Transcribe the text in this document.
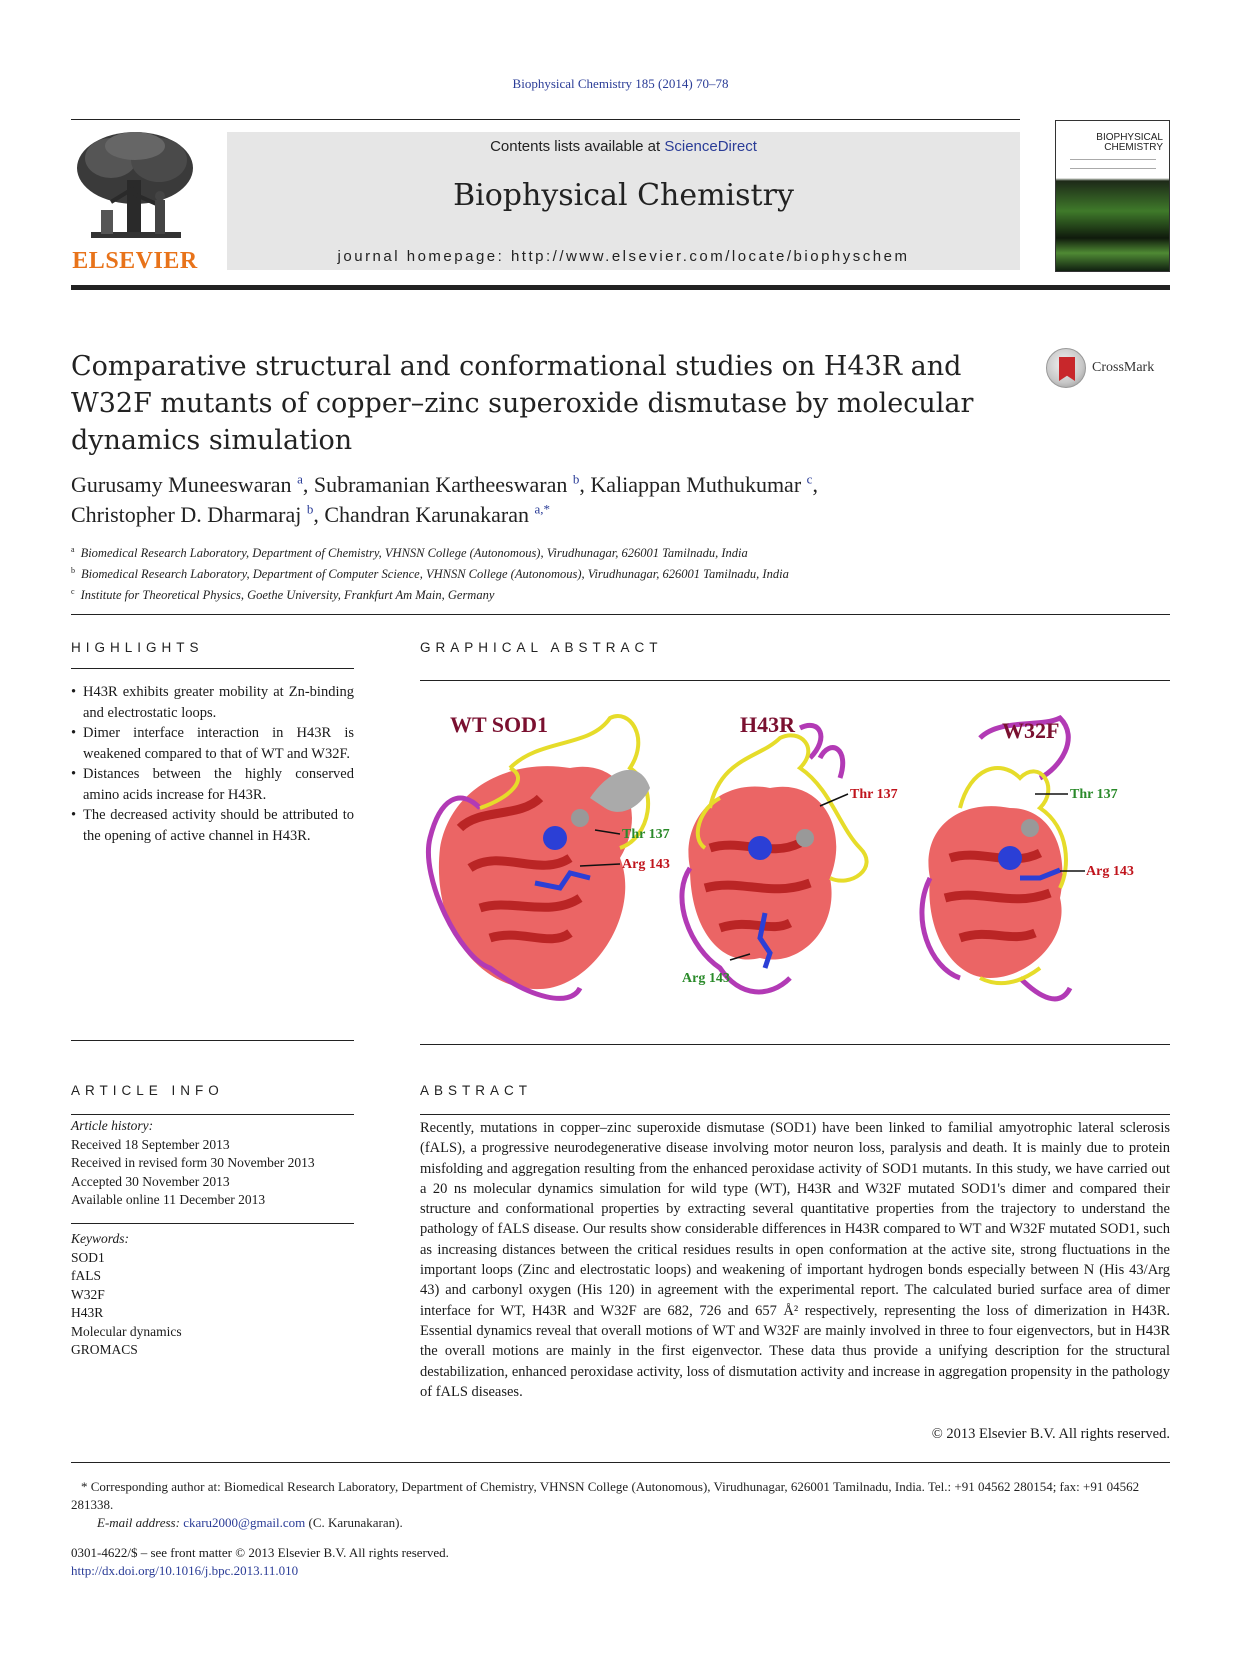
Biophysical Chemistry 185 (2014) 70–78
ELSEVIER
Contents lists available at ScienceDirect
Biophysical Chemistry
journal homepage: http://www.elsevier.com/locate/biophyschem
BIOPHYSICAL
CHEMISTRY
Comparative structural and conformational studies on H43R and W32F mutants of copper–zinc superoxide dismutase by molecular dynamics simulation
CrossMark
Gurusamy Muneeswaran $^a$, Subramanian Kartheeswaran $^b$, Kaliappan Muthukumar $^c$,
Christopher D. Dharmaraj $^b$, Chandran Karunakaran $^{a,*}$
$^a$ Biomedical Research Laboratory, Department of Chemistry, VHNSN College (Autonomous), Virudhunagar, 626001 Tamilnadu, India
$^b$ Biomedical Research Laboratory, Department of Computer Science, VHNSN College (Autonomous), Virudhunagar, 626001 Tamilnadu, India
$^c$ Institute for Theoretical Physics, Goethe University, Frankfurt Am Main, Germany
HIGHLIGHTS
• H43R exhibits greater mobility at Zn-binding and electrostatic loops.
• Dimer interface interaction in H43R is weakened compared to that of WT and W32F.
• Distances between the highly conserved amino acids increase for H43R.
• The decreased activity should be attributed to the opening of active channel in H43R.
GRAPHICAL ABSTRACT
WT SOD1
Thr 137
Arg 143
H43R
Thr 137
Arg 143
W32F
Thr 137
Arg 143
ARTICLE INFO
Article history:
Received 18 September 2013
Received in revised form 30 November 2013
Accepted 30 November 2013
Available online 11 December 2013
Keywords:
SOD1
fALS
W32F
H43R
Molecular dynamics
GROMACS
ABSTRACT
Recently, mutations in copper–zinc superoxide dismutase (SOD1) have been linked to familial amyotrophic lateral sclerosis (fALS), a progressive neurodegenerative disease involving motor neuron loss, paralysis and death. It is mainly due to protein misfolding and aggregation resulting from the enhanced peroxidase activity of SOD1 mutants. In this study, we have carried out a 20 ns molecular dynamics simulation for wild type (WT), H43R and W32F mutated SOD1's dimer and compared their structure and conformational properties by extracting several quantitative properties from the trajectory to understand the pathology of fALS disease. Our results show considerable differences in H43R compared to WT and W32F mutated SOD1, such as increasing distances between the critical residues results in open conformation at the active site, strong fluctuations in the important loops (Zinc and electrostatic loops) and weakening of important hydrogen bonds especially between N (His 43/Arg 43) and carbonyl oxygen (His 120) in agreement with the experimental report. The calculated buried surface area of dimer interface for WT, H43R and W32F are 682, 726 and 657 Å² respectively, representing the loss of dimerization in H43R. Essential dynamics reveal that overall motions of WT and W32F are mainly involved in three to four eigenvectors, but in H43R the overall motions are mainly in the first eigenvector. These data thus provide a unifying description for the structural destabilization, enhanced peroxidase activity, loss of dismutation activity and increase in aggregation propensity in the pathology of fALS diseases.
© 2013 Elsevier B.V. All rights reserved.
* Corresponding author at: Biomedical Research Laboratory, Department of Chemistry, VHNSN College (Autonomous), Virudhunagar, 626001 Tamilnadu, India. Tel.: +91 04562 280154; fax: +91 04562 281338.
E-mail address: ckaru2000@gmail.com (C. Karunakaran).
0301-4622/$ – see front matter © 2013 Elsevier B.V. All rights reserved.
http://dx.doi.org/10.1016/j.bpc.2013.11.010
